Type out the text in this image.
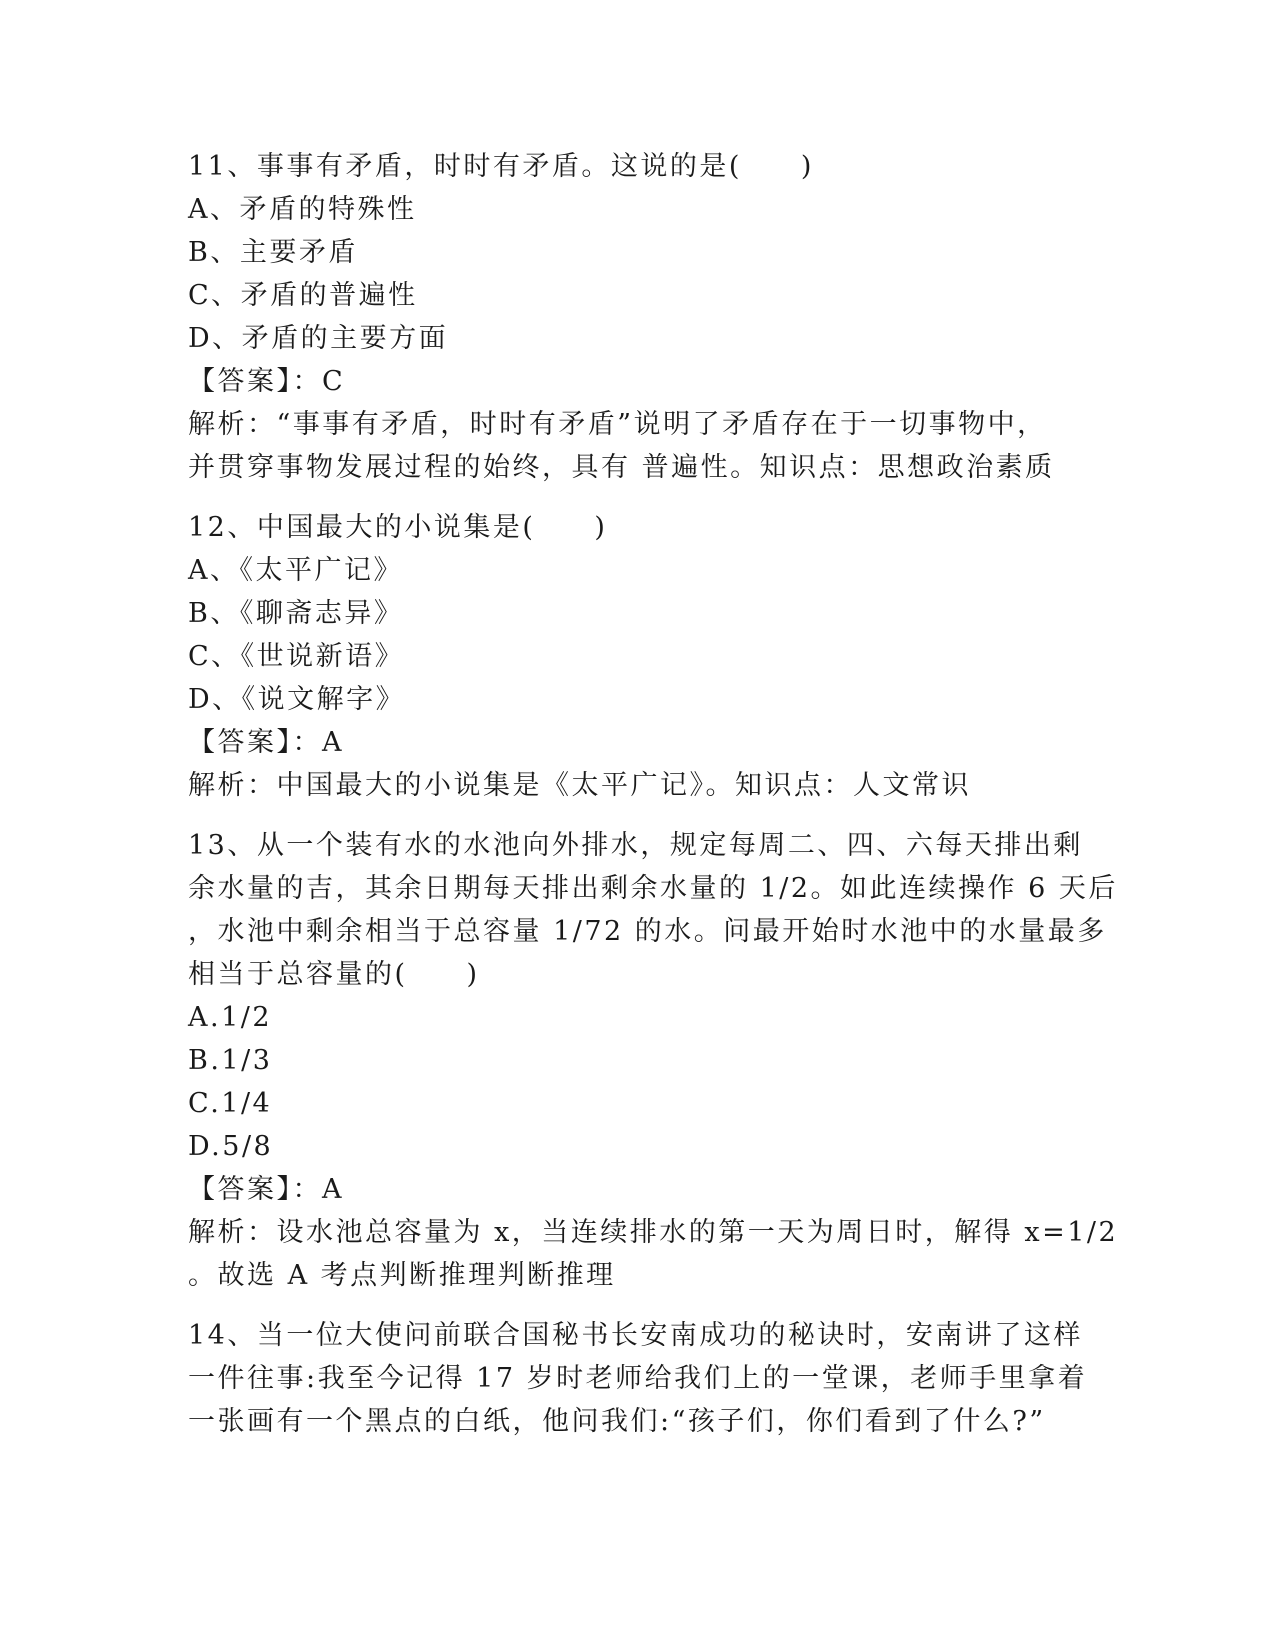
11、事事有矛盾，时时有矛盾。这说的是(　　)
A、矛盾的特殊性
B、主要矛盾
C、矛盾的普遍性
D、矛盾的主要方面
【答案】：C
解析：“事事有矛盾，时时有矛盾”说明了矛盾存在于一切事物中，
并贯穿事物发展过程的始终，具有 普遍性。知识点：思想政治素质
12、中国最大的小说集是(　　)
A、《太平广记》
B、《聊斋志异》
C、《世说新语》
D、《说文解字》
【答案】：A
解析：中国最大的小说集是《太平广记》。知识点：人文常识
13、从一个装有水的水池向外排水，规定每周二、四、六每天排出剩
余水量的吉，其余日期每天排出剩余水量的 1/2。如此连续操作 6 天后
，水池中剩余相当于总容量 1/72 的水。问最开始时水池中的水量最多
相当于总容量的(　　)
A.1/2
B.1/3
C.1/4
D.5/8
【答案】：A
解析：设水池总容量为 x，当连续排水的第一天为周日时，解得 x=1/2
。故选 A 考点判断推理判断推理
14、当一位大使问前联合国秘书长安南成功的秘诀时，安南讲了这样
一件往事:我至今记得 17 岁时老师给我们上的一堂课，老师手里拿着
一张画有一个黑点的白纸，他问我们:“孩子们，你们看到了什么?”
